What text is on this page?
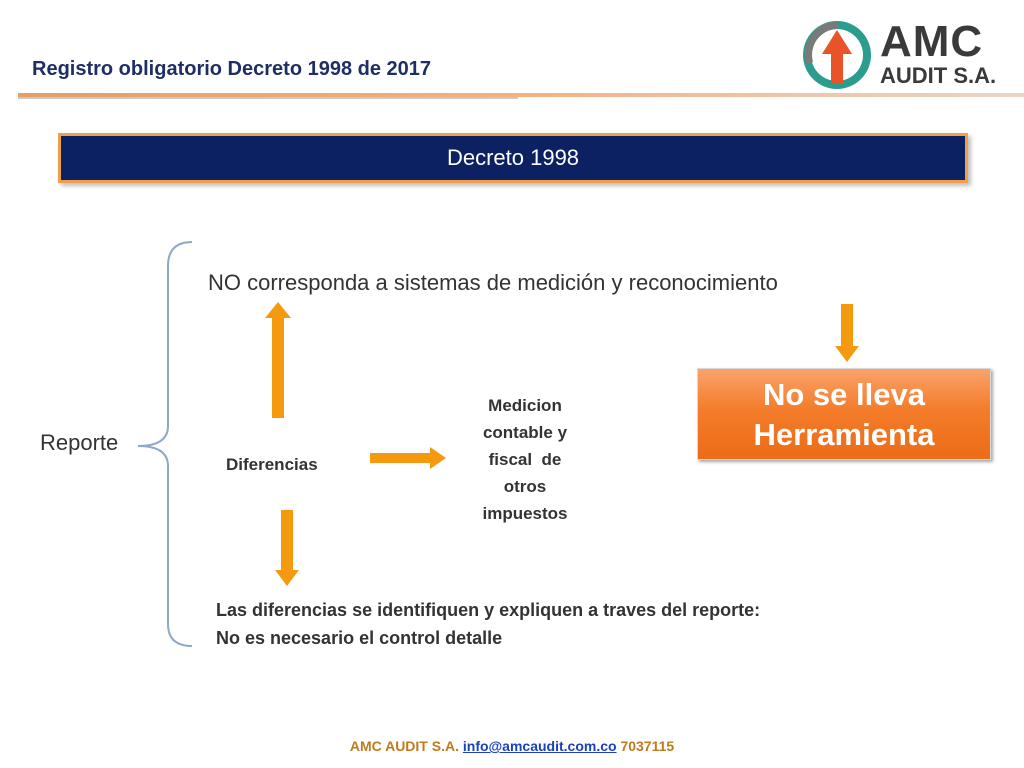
Registro obligatorio Decreto 1998 de 2017
AMC
AUDIT S.A.
Decreto 1998
Reporte
NO corresponda a sistemas de medición y reconocimiento
Diferencias
Medicion
contable y
fiscal  de
otros
impuestos
No se lleva
Herramienta
Las diferencias se identifiquen y expliquen a traves del reporte:
No es necesario el control detalle
AMC AUDIT S.A. info@amcaudit.com.co 7037115
